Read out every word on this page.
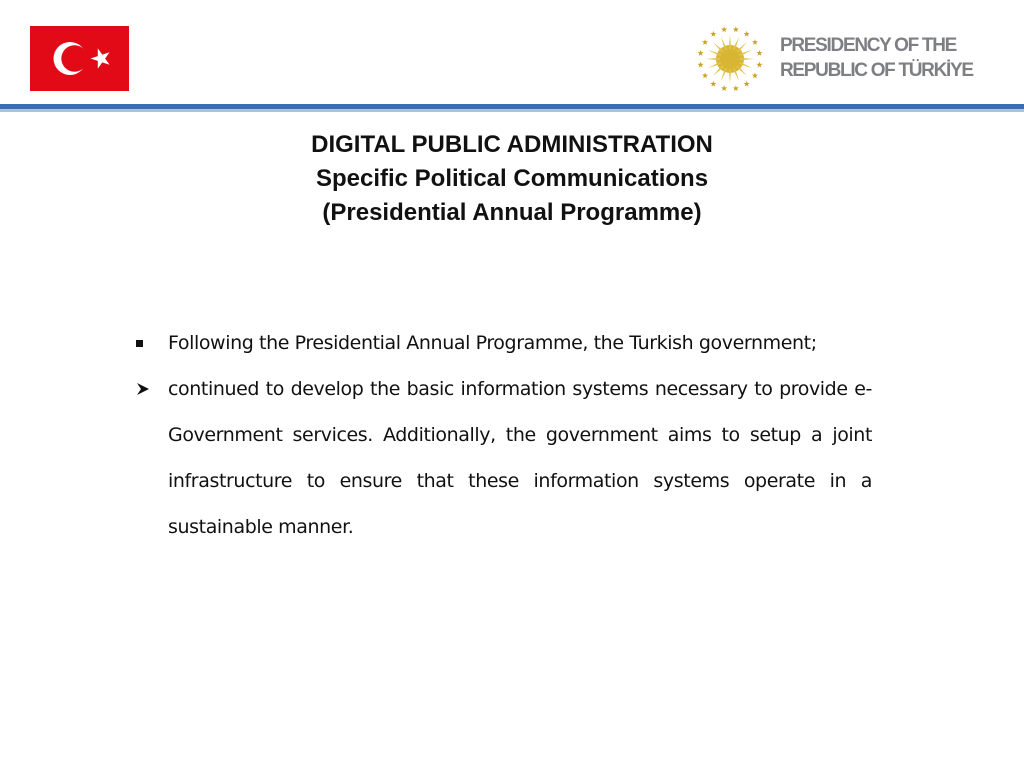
PRESIDENCY OF THE
REPUBLIC OF TÜRKİYE
DIGITAL PUBLIC ADMINISTRATION
Specific Political Communications
(Presidential Annual Programme)

Following the Presidential Annual Programme, the Turkish government;

continued to develop the basic information systems necessary to provide e-Government services. Additionally, the government aims to setup a joint infrastructure to ensure that these information systems operate in a sustainable manner.
